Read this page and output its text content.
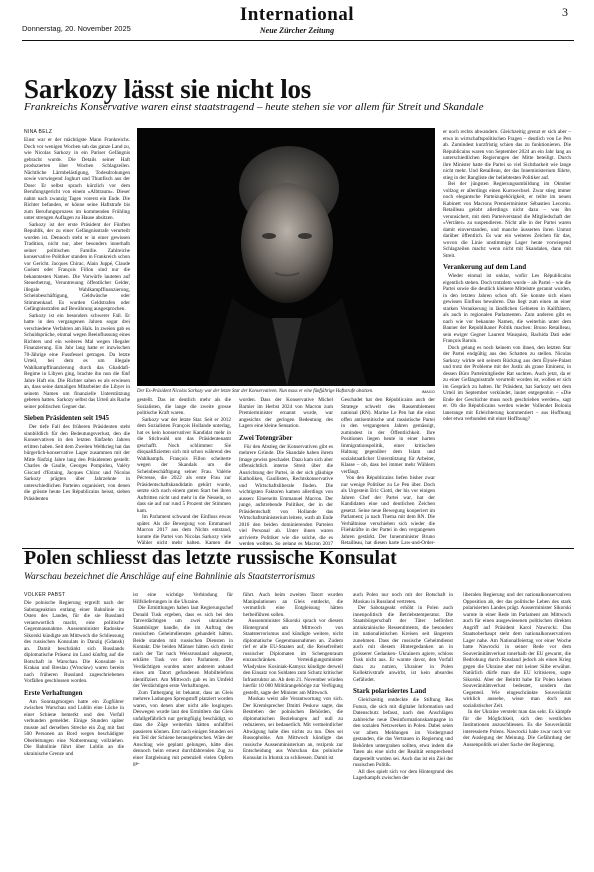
Donnerstag, 20. November 2025
International
Neue Zürcher Zeitung
3
Sarkozy lässt sie nicht los
Frankreichs Konservative waren einst staatstragend – heute stehen sie vor allem für Streit und Skandale
NINA BELZ

Einst war er der mächtigste Mann Frankreichs. Doch vor wenigen Wochen sah das ganze Land zu, wie Nicolas Sarkozy in ein Pariser Gefängnis gebracht wurde. Die Details seiner Haft produzierten über Wochen Schlagzeilen. Nächtliche Lärmbelästigung, Todesdrohungen sowie vorwiegend Joghurt und Thunfisch aus der Dose: Er selbst sprach kürzlich vor dem Berufungsgericht von einem «Albtraum». Dieser nahm nach zwanzig Tagen vorerst ein Ende. Die Richter befanden, er könne seine Haftstrafe bis zum Berufungsprozess im kommenden Frühling unter strengen Auflagen zu Hause absitzen.

Sarkozy ist der erste Präsident der Fünften Republik, der zu einer Gefängnisstrafe verurteilt worden ist. Dennoch steht er in einer gewissen Tradition, nicht nur, aber besonders innerhalb seiner politischen Familie. Zahlreiche konservative Politiker standen in Frankreich schon vor Gericht. Jacques Chirac, Alain Juppé, Claude Guéant oder François Fillon sind nur die bekanntesten Namen. Die Vorwürfe lauteten auf Steuerbetrug, Veruntreuung öffentlicher Gelder, illegale Wahlkampffinanzierung, Scheinbeschäftigung, Geldwäsche oder Stimmenkauf. Es wurden Geldstrafen oder Gefängnisstrafen auf Bewährung ausgesprochen.

Sarkozy ist ein besonders schwerer Fall. Er hatte in den vergangenen Jahren sogar drei verschiedene Verfahren am Hals. In zweien gab es Schuldsprüche, einmal wegen Beeinflussung eines Richters und ein weiteres Mal wegen illegaler Finanzierung. Ein Jahr lang hatte er inzwischen 70-Jährige eine Fussfessel getragen. Da letzte Urteil, bei dem es um illegale Wahlkampffinanzierung durch das Ghaddafi-Regime in Libyen ging, brachte ihn nun die fünf Jahre Haft ein. Die Richter sahen es als erwiesen an, dass seine damaligen Mitarbeiter die Libyer in seinem Namen um finanzielle Unterstützung gebeten hatten. Sarkozy selbst das Urteil als Rache seiner politischen Gegner dar.

Sieben Präsidenten seit 1945

Der tiefe Fall des früheren Präsidenten steht sinnbildlich für den Bedeutungsverlust, den die Konservativen in den letzten fünfzehn Jahren erlitten haben. Seit dem Zweiten Weltkrieg hat das bürgerlich-konservative Lager zusammen mit der Mitte fünfzig Jahre lang den Präsidenten gestellt. Charles de Gaulle, Georges Pompidou, Valéry Giscard d'Estaing, Jacques Chirac und Nicolas Sarkozy prägten über Jahrzehnte in unterschiedlichen Parteien organisiert, von denen die grösste heute Les Républicains heisst, sieben Präsidenten

Der Ex-Präsident Nicolas Sarkozy war der letzte Star der Konservativen. Nun muss er eine fünfjährige Haftstrafe absitzen.	IMAGO

gestellt. Das ist deutlich mehr als die Sozialisten, die lange die zweite grosse politische Kraft waren.

Sarkozy war der letzte Star. Seit er 2012 dem Sozialisten François Hollande unterlag, hat es kein konservativer Kandidat mehr in die Stichwahl um das Präsidentenamt geschafft. Noch schlimmer: Sie disqualifizierten sich mit schon während des Wahlkampfs. François Fillon scheiterte wegen der Skandals um die Scheinbeschäftigung seiner Frau. Valérie Pécresse, die 2022 als erste Frau zur Präsidentschaftskandidatin gekürt wurde, setzte sich nach einem guten Start bei ihren Auftritten nicht und mehr in die Nesseln, so dass sie auf nur rund 5 Prozent der Stimmen kam.

Im Parlament schwand der Einfluss etwas später. Als die Bewegung von Emmanuel Macron 2017 aus dem Nichts entstand, konnte die Partei von Nicolas Sarkozy viele Wähler nicht mehr halten. Kamen die

worden. Dass der Konservative Michel Barnier im Herbst 2024 von Macron zum Premierminister ernannt wurde, war angesichts der geringen Bedeutung des Lagers eine kleine Sensation.

Zwei Totengräber

Für den Abstieg der Konservativen gibt es mehrere Gründe. Die Skandale haben ihrem Image gewiss geschadet. Dazu kam sich aber offensichtlich interne Streit über die Ausrichtung der Partei, in der sich gläubige Katholiken, Gaullisten, Rechtskonservative und Wirtschaftsliberale finden. Die wichtigsten Faktoren kamen allerdings von aussen: Einerseits Emmanuel Macron. Der junge, aufstrebende Politiker, der in der Präsidentschaft von Hollande das Wirtschaftsministerium leitete, warb ab Ende 2016 den beiden dominierenden Parteien viel Personal ab. Unter ihnen waren arrivierte Politiker wie die solche, die es werden wollten. So gelang es Macron 2017

Geschadet hat den Républicains auch der Stratege schwelt des Rassemblement national (RN). Marine Le Pen hat die einst offen antisemitische und rassistische Partei in den vergangenen Jahren gemässigt, zumindest in der Öffentlichkeit. Ihre Positionen liegen heute in einer harten Immigrationspolitik, einer kritischen Haltung gegenüber dem Islam und sozialstaatlicher Unterstützung für Arbeiter, Klasse – ob, dass bei immer mehr Wählern verfängt.

Von den Républicains liefen bisher zwar nur wenige Politiker zu Le Pen über. Doch als Urgestein Eric Ciotti, der bis vor einigen Jahren Chef der Partei war, hat der Kandidaten eine und deutlichen Zeichen gesetzt. Seine neue Bewegung kooperiert im Parlament; ja nach Thema mit dem RN. Die Verhältnisse verschieben sich wieder die Fliehkräfte in der Partei in den vergangenen Jahren gestärkt. Der Innenminister Bruno Retailleau, hat diesen harte Law-and-Order-

er noch rechts abwandern. Gleichzeitig grenzt er sich aber – etwa in wirtschaftspolitischen Fragen – deutlich von Le Pen ab. Zumindest kurzfristig schien das zu funktionieren. Die Républicains waren von September 2024 an ein Jahr lang an unterschiedlichen Regierungen der Mitte beteiligt. Durch ihre Minister hatte die Partei so viel Sichtbarkeit wie lange nicht mehr. Und Retailleau, der das Inneministerium führte, stieg in der Rangliste der beliebtesten Politiker auf.

Bei der jüngsten Regierungsumbildung im Oktober vollzog er allerdings einen Kurswechsel. Zwar stieg immer noch elegantsche Parteizugehörigkeit, er teilte im neuen Kabinett von Macrons Premierminister Sébastien Lecornu. Retailleau gelobt allerdings nicht dazu – was ihn verunsichert, mit dem Parteiverstand die Mitgliedschaft der «Verräter» zu suspendieren. Nicht alle in der Partei waren damit einverstanden, und manche äusserten ihren Unmut darüber öffentlich. Es war ein weiteres Zeichen für das, wovon die Linie unstimmige Lager heute vorwiegend Schlagzeilen macht: wenn nicht mit Skandalen, dann mit Streit.

Verankerung auf dem Land

Wieder einmal ist unklar, wofür Les Républicains eigentlich stehen. Doch trotzdem wurde – als Partei – wie die Partei sowie die deutlich kleinere Mittelstre gerannt wurden, in den letzten Jahren schon oft. Sie konnte sich einen gewissen Einfluss bewahren. Das liegt zum einen an einer starken Verankerung in ländlichen Gebieten in Kaliftätern, als auch in regionalen Parlamenten. Zum anderen gibt es nach wie vor bekannte Namen, die weiterhin unter dem Banner der Republikaner Politik machen: Bruno Retailleau, sein ewiger Gegner Laurent Wauquiez, Rachida Dati oder François Baroin.

Doch gelang es noch keinem von ihnen, den letzten Star der Partei endgültig aus den Schatten zu stellen. Nicolas Sarkozy wirkte seit seinem Rückzug aus dem Élysée-Palast und trotz der Probleme mit der Justiz als graue Eminenz, in dessen Büro Parteimitglieder Rat suchten. Auch jetzt, da er zu einer Gefängnisstrafe verurteilt worden ist, wollen er sich im Gespräch zu halten. Ihr Präsident, hat Sarkozy seit dem Urteil im September verkündet, lautet entgegenhin – «Die Ende der Geschichte muss noch geschrieben werden», sagt er. Ob die Républicains werden wieder Vollendet Bolonia lanerange mit Erleichterung kommentiert – aus Hoffnung oder etwa verbunden mit einer Hoffnung?

Polen schliesst das letzte russische Konsulat
Warschau bezeichnet die Anschläge auf eine Bahnlinie als Staatsterrorismus
VOLKER PABST

Die polnische Regierung ergreift nach der Sabotageaktion entlang einer Bahnlinie im Osten des Landes, für die sie Russland verantwortlich macht, eine politische Gegenmassnahme. Aussenminister Radosław Sikorski kündigte am Mittwoch die Schliessung des russischen Konsulats in Danzig (Gdansk) an. Damit beschränkt sich Russlands diplomatische Präsenz im Land künftig auf die Botschaft in Warschau. Die Konsulate in Krakau und Breslau (Wrocław) waren bereits nach früheren Russland zugeschriebenen Vorfällen geschlossen worden.

Erste Verhaftungen

Am Sonntagmorgen hatte ein Zugführer zwischen Warschau und Lublin eine Lücke in einer Schiene bemerkt und den Vorfall verbunden gemeldet. Einige Stunden später musste auf derselben Strecke ein Zug mit fast 500 Personen an Bord wegen beschädigter Oberleitungen eine Notbremsung vollziehen. Die Bahnlinie führt über Lublin an die ukrainische Grenze und

ist eine wichtige Verbindung für Hilfslieferungen in die Ukraine.

Die Ermittlungen haben laut Regierungschef Donald Tusk ergeben, dass es sich bei den Tatverdächtigen um zwei ukrainische Staatsbürger handle, die im Auftrag des russischen Geheimdienstes gehandelt hätten. Beide standen mit russischen Diensten in Kontakt. Die beiden Männer hätten sich direkt nach der Tat nach Weissrussland abgesetzt, erklärte Tusk vor dem Parlament. Die Verdächtigen wurden unter anderem anhand eines am Tatort gefundenen Mobiltelefons identifiziert. Am Mittwoch gab es im Umfeld der Verdächtigen erste Verhaftungen.

Zum Tathergang ist bekannt, dass an Gleis mehrere Ladungen Sprengstoff platziert worden waren, von denen aber nicht alle losgingen. Deswegen wurde laut den Ermittlern das Gleis unfallgefährlich nur geringfügig beschädigt, so dass die Züge weiterhin hätten unfallfrei passieren können. Erst nach einigen Stunden sei ein Teil der Schiene herausgebrochen. Wäre der Anschlag wie geplant gelungen, hätte dies dennoch beim erneut durchfahrenden Zug zu einer Entgleisung mit potenziell vielen Opfern ge-

führt. Auch beim zweiten Tatort wurden Manipulationen an Gleis entdeckt, die vermutlich eine Entgleisung hätten herbeiführen sollen.

Aussenminister Sikorski sprach vor diesem Hintergrund am Mittwoch von Staatsterrorismus und kündigte weitere, nicht diplomatische Gegenmassnahmen an. Zudem rief er alle EU-Staaten auf, die Reisefreiheit russischer Diplomaten im Schengenraum einzuschränken. Verteidigungsminister Władysław Kosiniak-Kamysz kündigte derweil den Einsatz von Soldaten zum Schutz kritischer Infrastruktur an. Ab dem 21. November würden hierfür 10 000 Militärangehörige zur Verfügung gestellt, sagte der Minister am Mittwoch.

Moskau weist alle Verantwortung von sich. Der Kremlsprecher Dmitri Peskow sagte, das Bestreben der polnischen Behörden, die diplomatischen Beziehungen auf null zu reduzieren, sei bedauerlich. Mit vermeintlicher Abwägung habe dies nichts zu tun. Dies sei Russophobie. Am Mittwoch kündigte das russische Aussenministerium an, reziprok zur Entscheidung aus Warschau das polnische Konsulat in Irkutsk zu schliessen. Damit ist

auch Polen nur noch mit der Botschaft in Moskau in Russland vertreten.

Der Sabotageakt erhöht in Polen auch innenpolitisch die Betriebstemperatur. Die Staatsbürgerschaft der Täter befördert antiukrainische Ressentiments, die besonders im nationalistischen Kreisen seit längerem zunehmen. Dass der russische Geheimdienst auch mit diesem Hintergedanken an in grösserer Gedanken- Ukrainern agiere, schloss Tusk nicht aus. Er warnte davor, den Vorfall dazu zu nutzen, Ukrainer in Polen Kollektivstrafe anwirbt, ist kein absurdes Gefährdet.

Stark polarisiertes Land

Gleichzeitig entdeckte die Stiftung Res Futura, die sich mit digitaler Information und Datenschutz befasst, nach den Anschlägen zahlreiche neue Desinformationskampagne in den sozialen Netzwerken in Polen. Dabei seien vor allem Meldungen im Vordergrund gestanden, die das Vertrauen in Regierung und Behörden untergraben sollten, etwa indem die Taten als eine nicht der Realität entsprechend dargestellt worden sei. Auch das ist ein Ziel der russischen Politik.

All dies spielt sich vor dem Hintergrund des Lagerkampfs zwischen der

liberalen Regierung und der nationalkonservativen Opposition ab, der das politische Leben des stark polarisierten Landes prägt. Ausserminister Sikorski warnte in einer Rede im Parlament am Mittwoch auch für einen ausgewiesenen politischen direkten Angriff auf Präsident Karol Nawrocki. Das Staatsoberhaupt steht dem nationalkonservativen Lager nahe. Am Nationalfeiertag vor einer Woche hatte Nawrocki in seiner Rede vor dem Souveränitätsverlust innerhalb der EU gewarnt, die Bedrohung durch Russland jedoch als einen Krieg gegen die Ukraine aber mit keiner Silbe erwähnt. Natürlich dürfe man die EU kritisieren, sagte Sikorski. Aber der Beitritt habe für Polen keinen Souveränitätsverlust bedeutet, sondern das Gegenteil. Wie eingeschränkte Souveränität wirklich aussehe, wisse man doch aus sozialistischer Zeit.

In der Ukraine versteht man das sehr. Es kämpfe für die Möglichkeit, sich den westlichen Institutionen anzuschliessen. Es die Souveränität interessierte Polens. Nawrocki habe zwar noch vor der Auslegung der Meinung. Die Gefährdung der Aussenpolitik sei aber Sache der Regierung.
